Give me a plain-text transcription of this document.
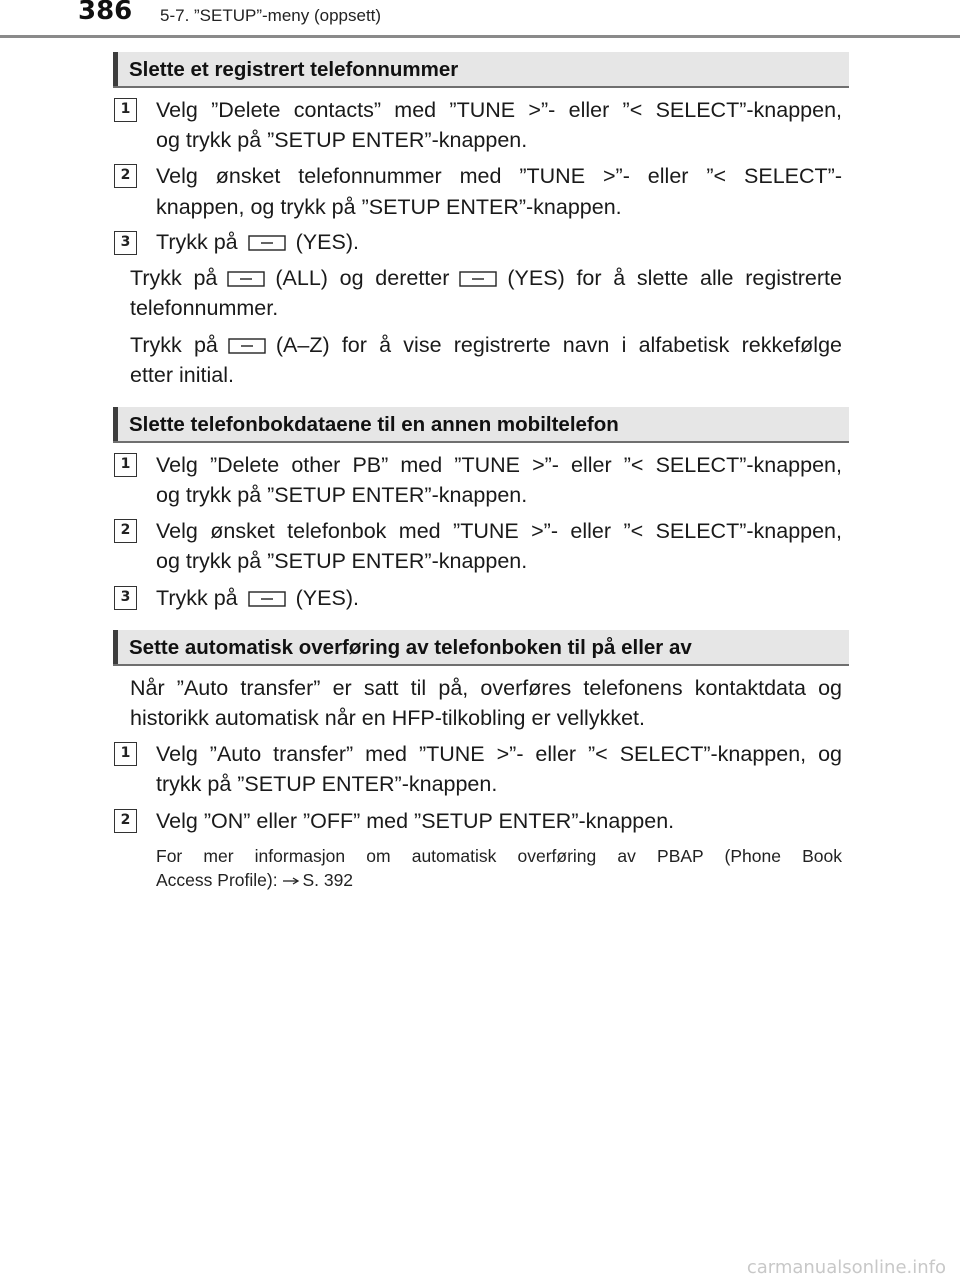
386 5-7. ”SETUP”-meny (oppsett)
Slette et registrert telefonnummer
1	Velg ”Delete contacts” med ”TUNE >”- eller ”< SELECT”-knappen,
og trykk på ”SETUP ENTER”-knappen.
2	Velg ønsket telefonnummer med ”TUNE >”- eller ”< SELECT”-
knappen, og trykk på ”SETUP ENTER”-knappen.
3	Trykk på	(YES).
Trykk på	(ALL) og deretter	(YES) for å slette alle registrerte
telefonnummer.
Trykk på	(A–Z) for å vise registrerte navn i alfabetisk rekkefølge
etter initial.
Slette telefonbokdataene til en annen mobiltelefon
1	Velg ”Delete other PB” med ”TUNE >”- eller ”< SELECT”-knappen,
og trykk på ”SETUP ENTER”-knappen.
2	Velg ønsket telefonbok med ”TUNE >”- eller ”< SELECT”-knappen,
og trykk på ”SETUP ENTER”-knappen.
3	Trykk på	(YES).
Sette automatisk overføring av telefonboken til på eller av
Når ”Auto transfer” er satt til på, overføres telefonens kontaktdata og
historikk automatisk når en HFP-tilkobling er vellykket.
1	Velg ”Auto transfer” med ”TUNE >”- eller ”< SELECT”-knappen, og
trykk på ”SETUP ENTER”-knappen.
2	Velg ”ON” eller ”OFF” med ”SETUP ENTER”-knappen.
For mer informasjon om automatisk overføring av PBAP (Phone Book
Access Profile): S. 392
carmanualsonline.info
